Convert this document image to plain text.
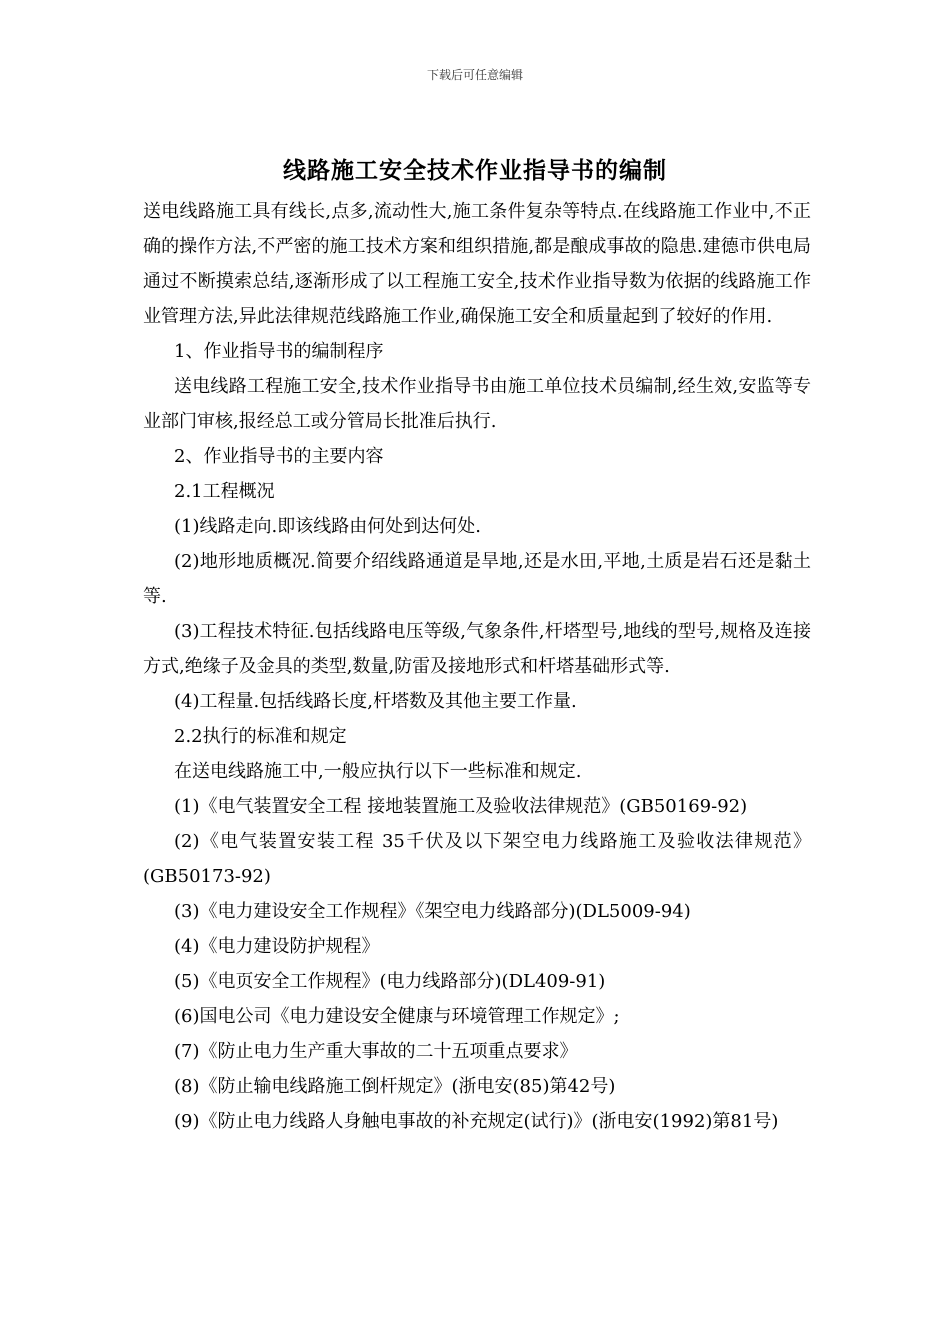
下载后可任意编辑
线路施工安全技术作业指导书的编制

送电线路施工具有线长,点多,流动性大,施工条件复杂等特点.在线路施工作业中,不正确的操作方法,不严密的施工技术方案和组织措施,都是酿成事故的隐患.建德市供电局通过不断摸索总结,逐渐形成了以工程施工安全,技术作业指导数为依据的线路施工作业管理方法,异此法律规范线路施工作业,确保施工安全和质量起到了较好的作用.

1、作业指导书的编制程序

送电线路工程施工安全,技术作业指导书由施工单位技术员编制,经生效,安监等专业部门审核,报经总工或分管局长批准后执行.

2、作业指导书的主要内容

2.1工程概况

(1)线路走向.即该线路由何处到达何处.

(2)地形地质概况.简要介绍线路通道是旱地,还是水田,平地,土质是岩石还是黏土等.

(3)工程技术特征.包括线路电压等级,气象条件,杆塔型号,地线的型号,规格及连接方式,绝缘子及金具的类型,数量,防雷及接地形式和杆塔基础形式等.

(4)工程量.包括线路长度,杆塔数及其他主要工作量.

2.2执行的标准和规定

在送电线路施工中,一般应执行以下一些标准和规定.

(1)《电气装置安全工程 接地装置施工及验收法律规范》(GB50169-92)

(2)《电气装置安装工程 35千伏及以下架空电力线路施工及验收法律规范》(GB50173-92)

(3)《电力建设安全工作规程》《架空电力线路部分)(DL5009-94)

(4)《电力建设防护规程》

(5)《电页安全工作规程》(电力线路部分)(DL409-91)

(6)国电公司《电力建设安全健康与环境管理工作规定》;

(7)《防止电力生产重大事故的二十五项重点要求》

(8)《防止输电线路施工倒杆规定》(浙电安(85)第42号)

(9)《防止电力线路人身触电事故的补充规定(试行)》(浙电安(1992)第81号)
